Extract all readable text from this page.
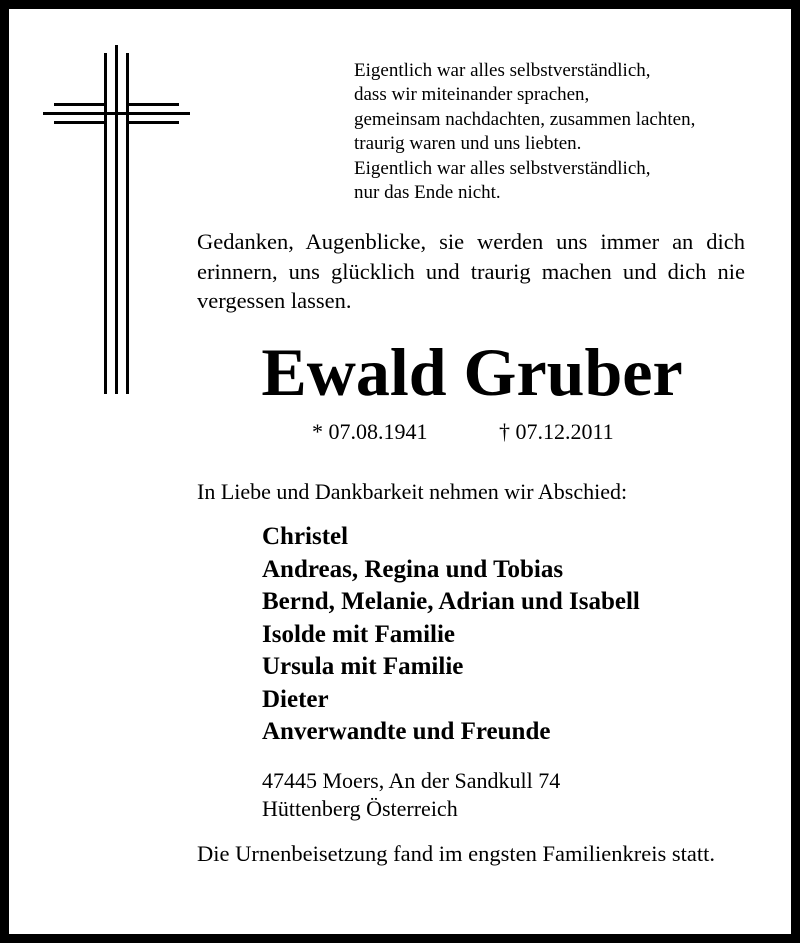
Eigentlich war alles selbstverständlich,
dass wir miteinander sprachen,
gemeinsam nachdachten, zusammen lachten,
traurig waren und uns liebten.
Eigentlich war alles selbstverständlich,
nur das Ende nicht.
Gedanken, Augenblicke, sie werden uns immer an dich erinnern, uns glücklich und traurig machen und dich nie vergessen lassen.
Ewald Gruber
* 07.08.1941	† 07.12.2011
In Liebe und Dankbarkeit nehmen wir Abschied:
Christel
Andreas, Regina und Tobias
Bernd, Melanie, Adrian und Isabell
Isolde mit Familie
Ursula mit Familie
Dieter
Anverwandte und Freunde
47445 Moers, An der Sandkull 74
Hüttenberg Österreich
Die Urnenbeisetzung fand im engsten Familienkreis statt.
